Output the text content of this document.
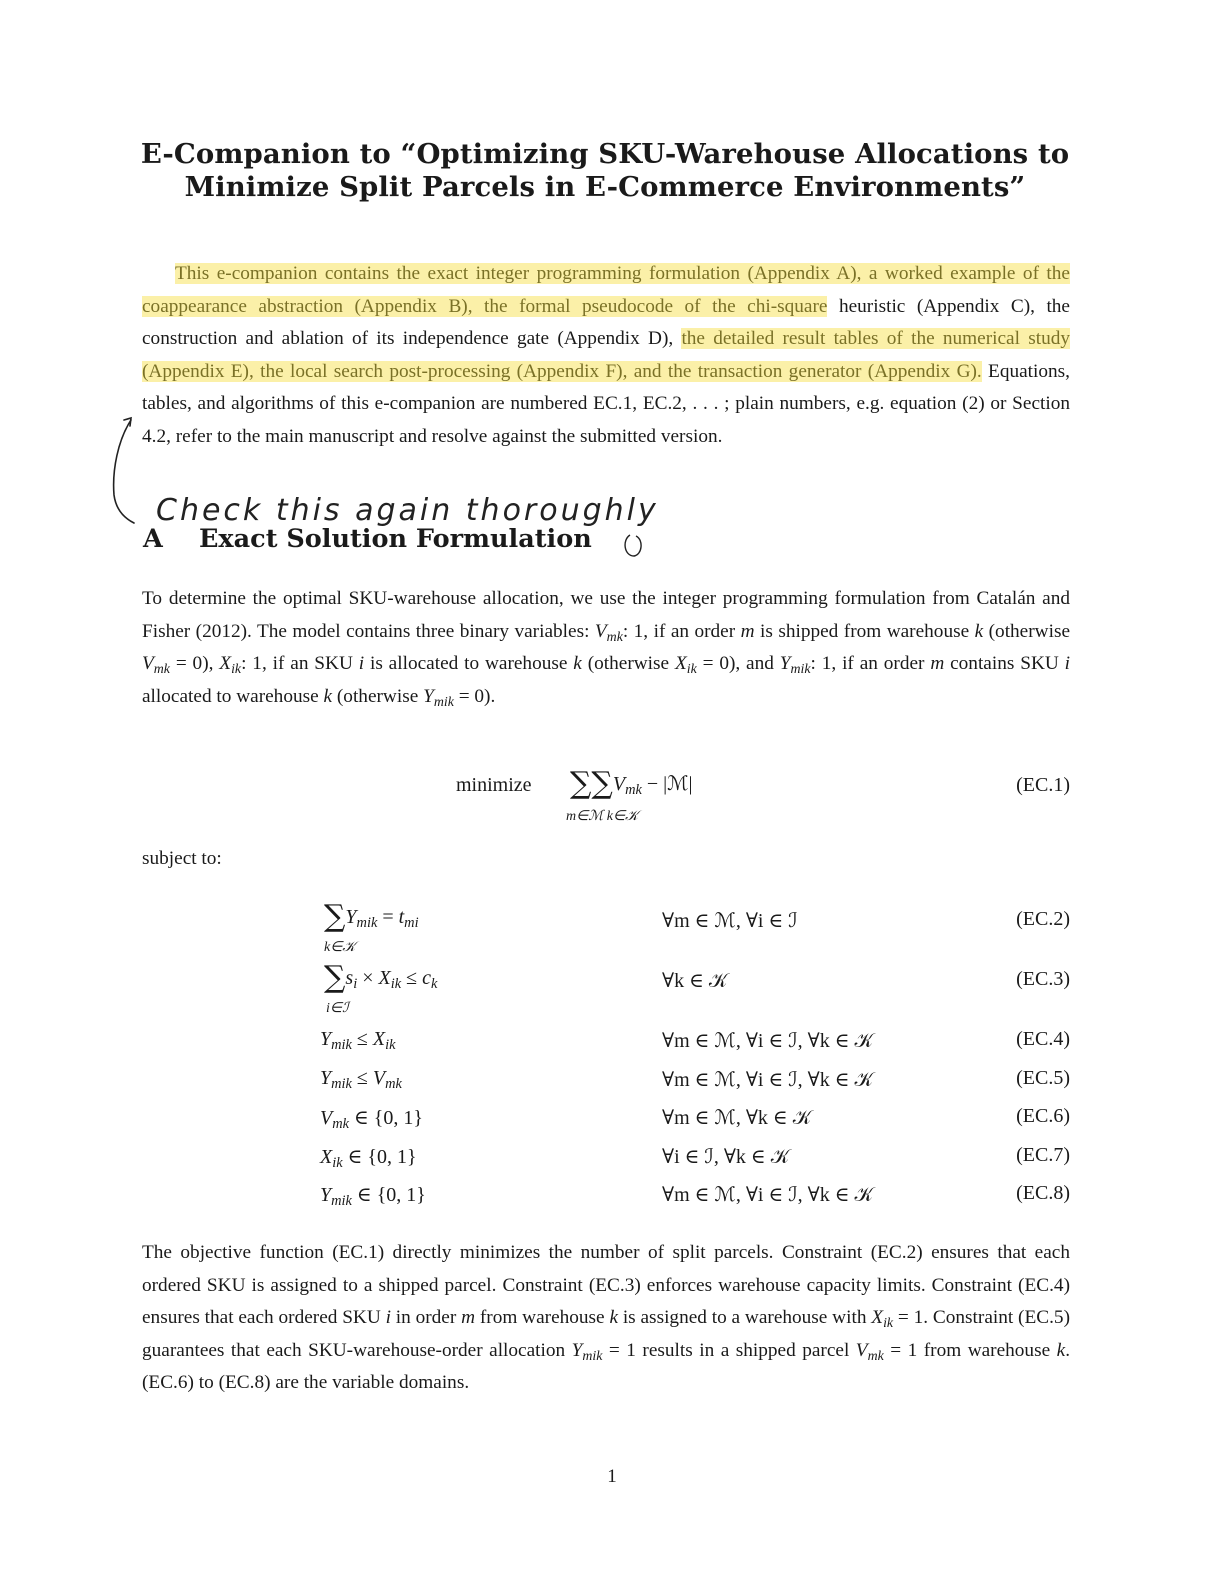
E-Companion to “Optimizing SKU-Warehouse Allocations to
Minimize Split Parcels in E-Commerce Environments”
This e-companion contains the exact integer programming formulation (Appendix A), a worked example of the coappearance abstraction (Appendix B), the formal pseudocode of the chi-square heuristic (Appendix C), the construction and ablation of its independence gate (Appendix D), the detailed result tables of the numerical study (Appendix E), the local search post-processing (Appendix F), and the transaction generator (Appendix G). Equations, tables, and algorithms of this e-companion are numbered EC.1, EC.2, . . . ; plain numbers, e.g. equation (2) or Section 4.2, refer to the main manuscript and resolve against the submitted version.
Check this again thoroughly
A Exact Solution Formulation
To determine the optimal SKU-warehouse allocation, we use the integer programming formulation from Catalán and Fisher (2012). The model contains three binary variables: $V_{mk}$: 1, if an order m is shipped from warehouse k (otherwise $V_{mk} = 0$), $X_{ik}$: 1, if an SKU i is allocated to warehouse k (otherwise $X_{ik} = 0$), and $Y_{mik}$: 1, if an order m contains SKU i allocated to warehouse k (otherwise $Y_{mik} = 0$).
minimize $\sum\sum V_{mk}$ − |ℳ|
m∈ℳ k∈𝒦
(EC.1)
subject to:
$\sum Y_{mik} = t_{mi}$
k∈𝒦
∀m ∈ ℳ, ∀i ∈ ℐ	(EC.2)
$\sum s_i \times X_{ik} \le c_k$
i∈ℐ
∀k ∈ 𝒦	(EC.3)
$Y_{mik} \le X_{ik}$	∀m ∈ ℳ, ∀i ∈ ℐ, ∀k ∈ 𝒦	(EC.4)
$Y_{mik} \le V_{mk}$	∀m ∈ ℳ, ∀i ∈ ℐ, ∀k ∈ 𝒦	(EC.5)
$V_{mk}$ ∈ {0, 1}	∀m ∈ ℳ, ∀k ∈ 𝒦	(EC.6)
$X_{ik}$ ∈ {0, 1}	∀i ∈ ℐ, ∀k ∈ 𝒦	(EC.7)
$Y_{mik}$ ∈ {0, 1}	∀m ∈ ℳ, ∀i ∈ ℐ, ∀k ∈ 𝒦	(EC.8)
The objective function (EC.1) directly minimizes the number of split parcels. Constraint (EC.2) ensures that each ordered SKU is assigned to a shipped parcel. Constraint (EC.3) enforces warehouse capacity limits. Constraint (EC.4) ensures that each ordered SKU i in order m from warehouse k is assigned to a warehouse with $X_{ik} = 1$. Constraint (EC.5) guarantees that each SKU-warehouse-order allocation $Y_{mik} = 1$ results in a shipped parcel $V_{mk} = 1$ from warehouse k. (EC.6) to (EC.8) are the variable domains.
1
